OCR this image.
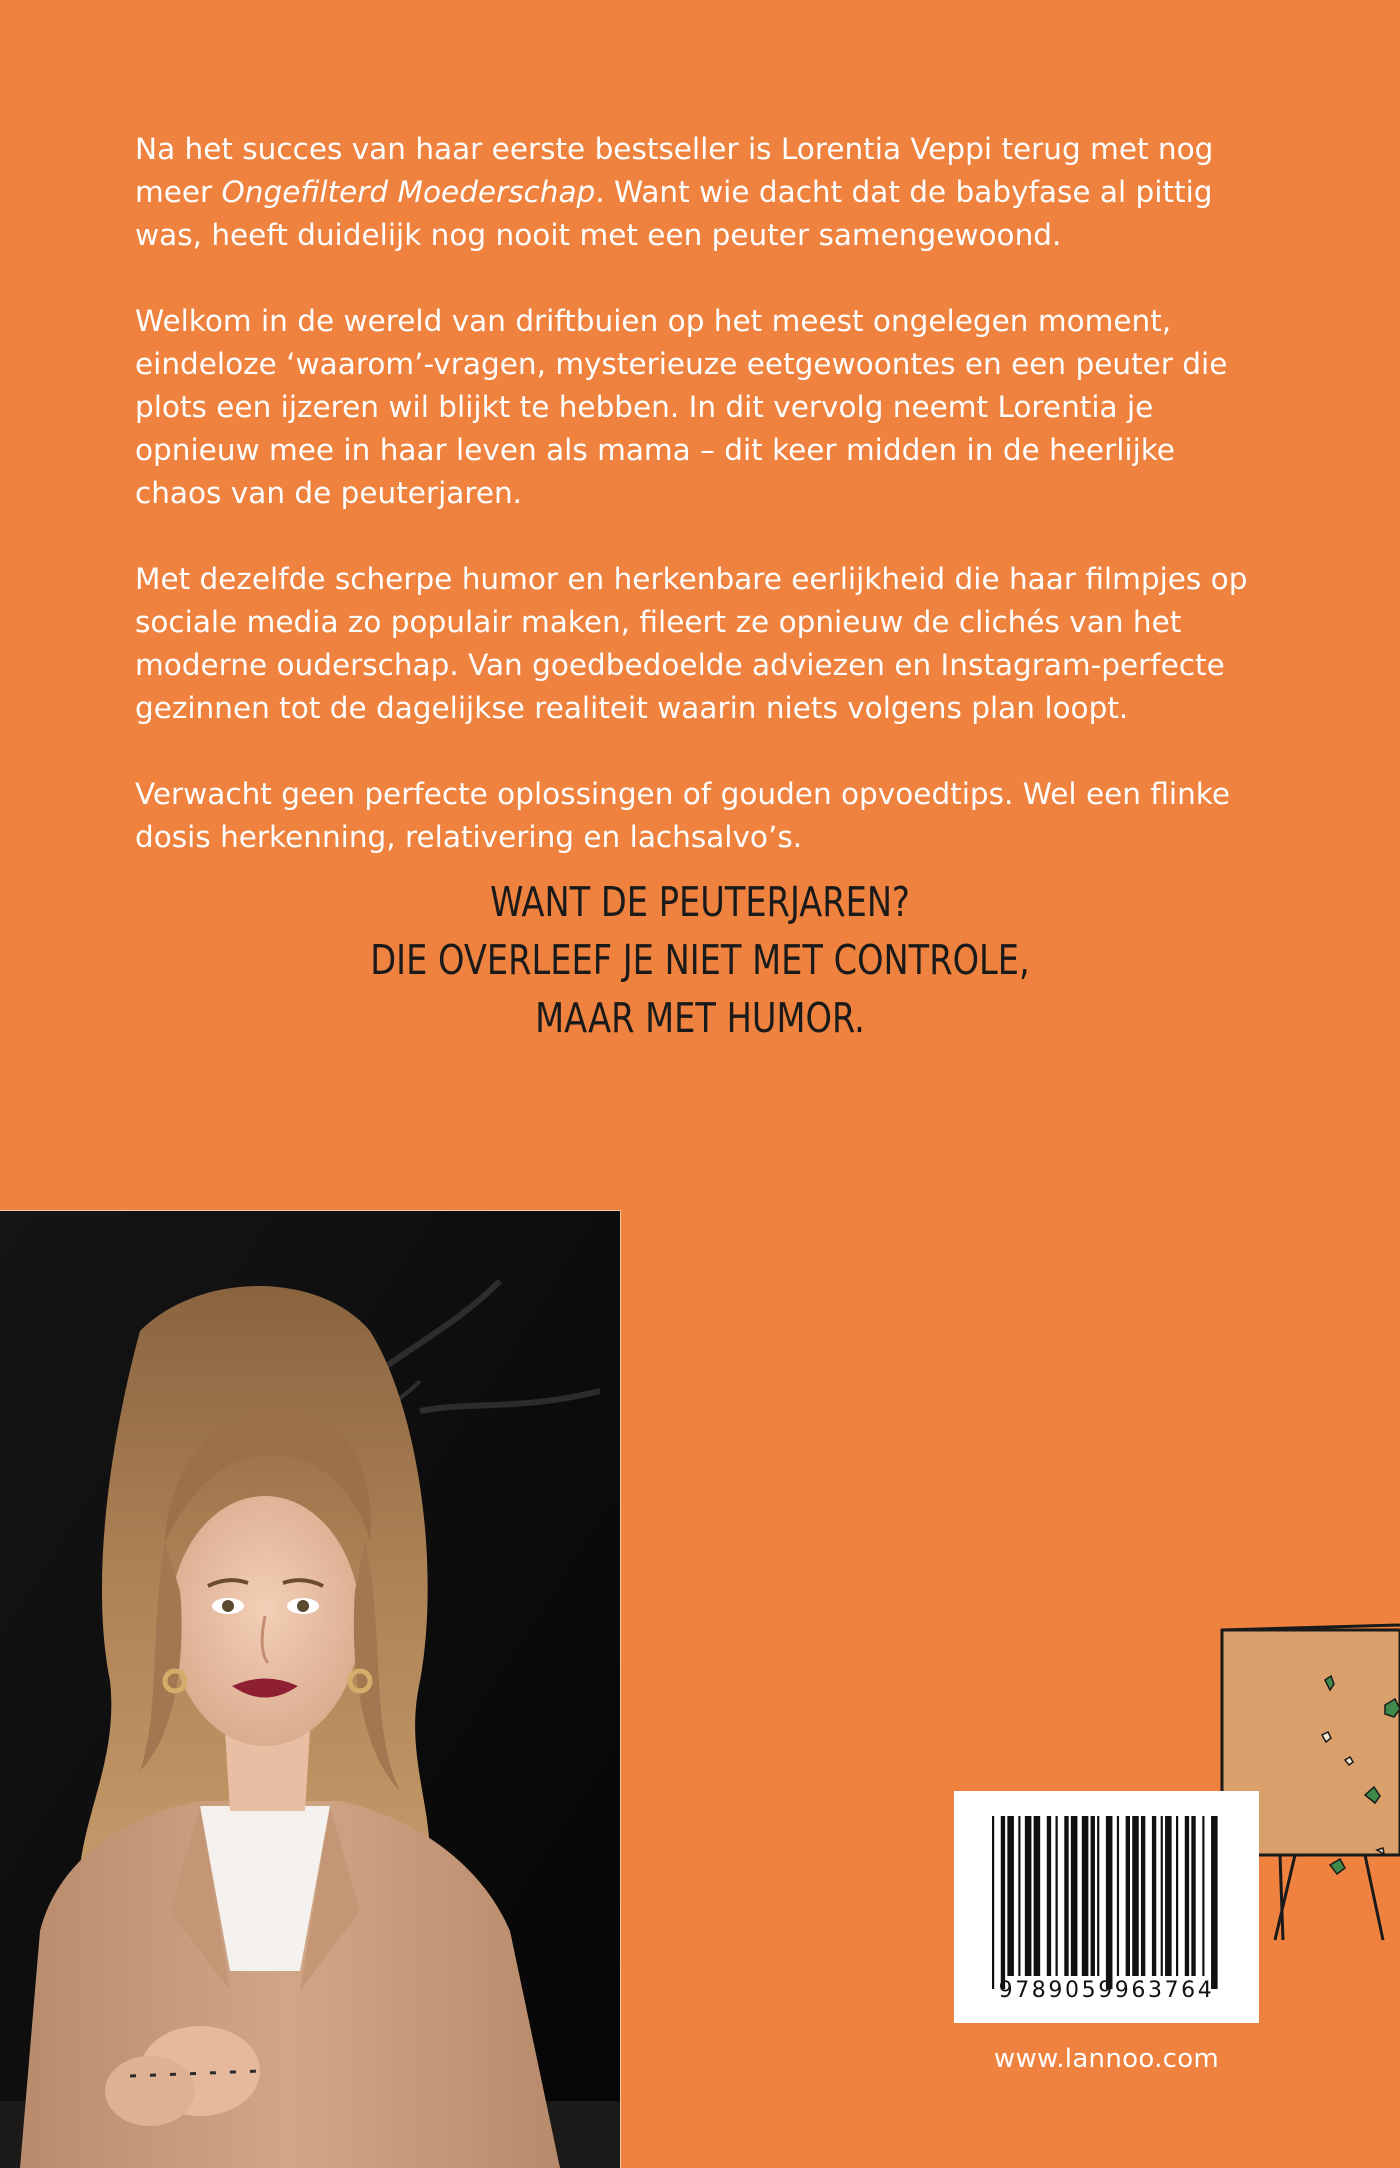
Na het succes van haar eerste bestseller is Lorentia Veppi terug met nog meer Ongefilterd Moederschap. Want wie dacht dat de babyfase al pittig was, heeft duidelijk nog nooit met een peuter samengewoond.

Welkom in de wereld van driftbuien op het meest ongelegen moment, eindeloze ‘waarom’-vragen, mysterieuze eetgewoontes en een peuter die plots een ijzeren wil blijkt te hebben. In dit vervolg neemt Lorentia je opnieuw mee in haar leven als mama – dit keer midden in de heerlijke chaos van de peuterjaren.

Met dezelfde scherpe humor en herkenbare eerlijkheid die haar filmpjes op sociale media zo populair maken, fileert ze opnieuw de clichés van het moderne ouderschap. Van goedbedoelde adviezen en Instagram-perfecte gezinnen tot de dagelijkse realiteit waarin niets volgens plan loopt.

Verwacht geen perfecte oplossingen of gouden opvoedtips. Wel een flinke dosis herkenning, relativering en lachsalvo’s.

WANT DE PEUTERJAREN?
DIE OVERLEEF JE NIET MET CONTROLE,
MAAR MET HUMOR.
9789059963764
www.lannoo.com
